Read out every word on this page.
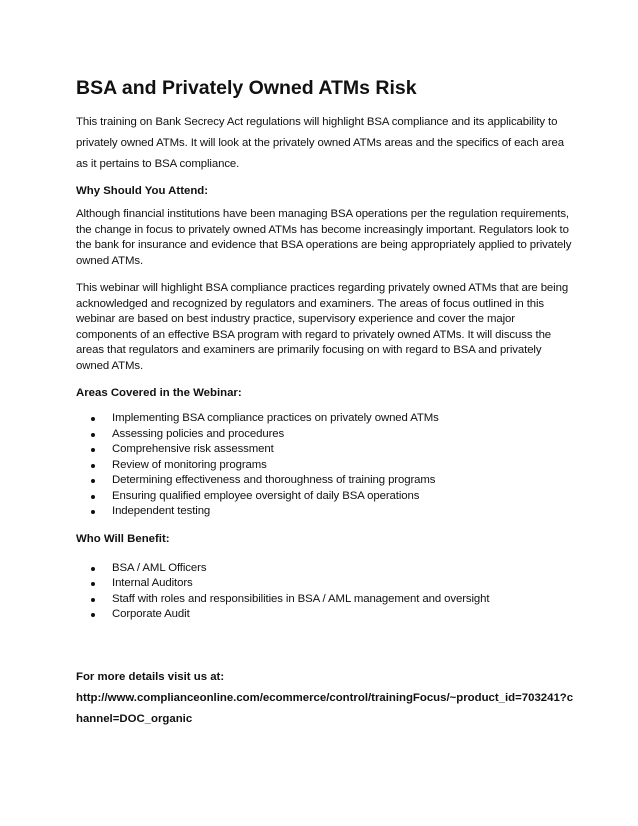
BSA and Privately Owned ATMs Risk

This training on Bank Secrecy Act regulations will highlight BSA compliance and its applicability to privately owned ATMs. It will look at the privately owned ATMs areas and the specifics of each area as it pertains to BSA compliance.

Why Should You Attend:

Although financial institutions have been managing BSA operations per the regulation requirements, the change in focus to privately owned ATMs has become increasingly important. Regulators look to the bank for insurance and evidence that BSA operations are being appropriately applied to privately owned ATMs.

This webinar will highlight BSA compliance practices regarding privately owned ATMs that are being acknowledged and recognized by regulators and examiners. The areas of focus outlined in this webinar are based on best industry practice, supervisory experience and cover the major components of an effective BSA program with regard to privately owned ATMs. It will discuss the areas that regulators and examiners are primarily focusing on with regard to BSA and privately owned ATMs.

Areas Covered in the Webinar:

Implementing BSA compliance practices on privately owned ATMs
Assessing policies and procedures
Comprehensive risk assessment
Review of monitoring programs
Determining effectiveness and thoroughness of training programs
Ensuring qualified employee oversight of daily BSA operations
Independent testing

Who Will Benefit:

BSA / AML Officers
Internal Auditors
Staff with roles and responsibilities in BSA / AML management and oversight
Corporate Audit

For more details visit us at:

http://www.complianceonline.com/ecommerce/control/trainingFocus/~product_id=703241?channel=DOC_organic
